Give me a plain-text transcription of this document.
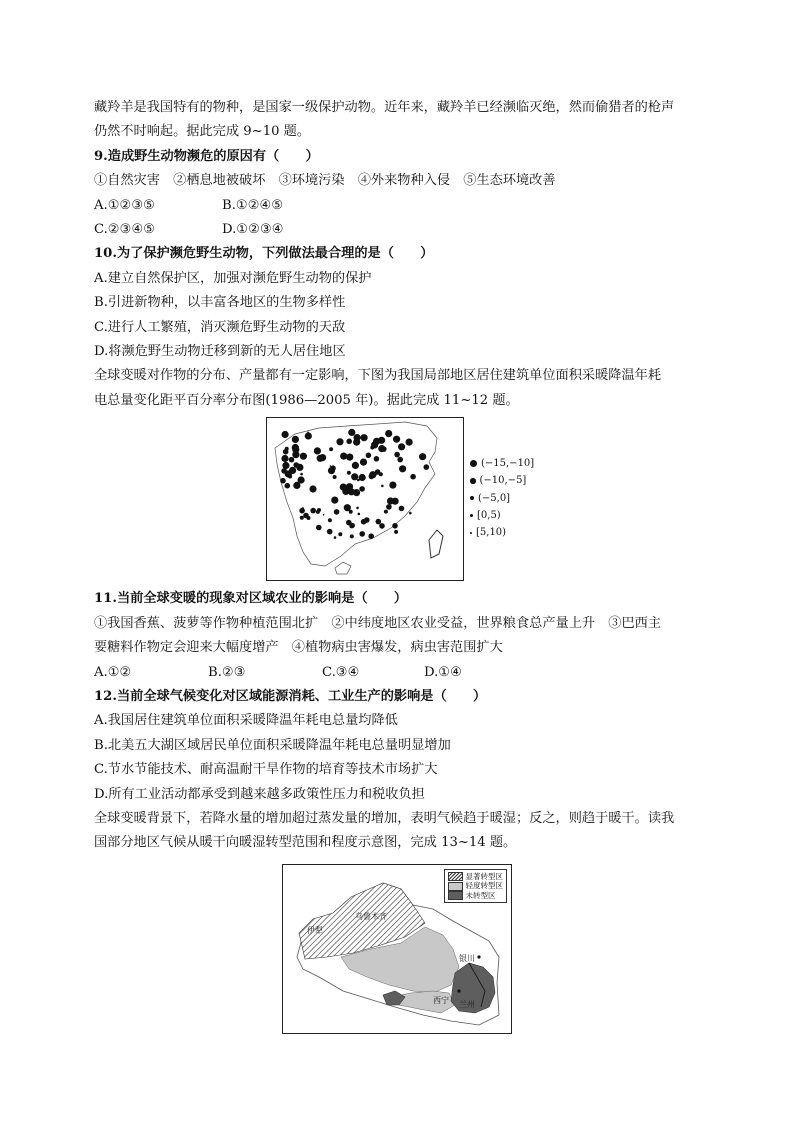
藏羚羊是我国特有的物种，是国家一级保护动物。近年来，藏羚羊已经濒临灭绝，然而偷猎者的枪声
仍然不时响起。据此完成 9~10 题。
9.造成野生动物濒危的原因有（　　）
①自然灾害　②栖息地被破坏　③环境污染　④外来物种入侵　⑤生态环境改善
A.①②③⑤	B.①②④⑤
C.②③④⑤	D.①②③④
10.为了保护濒危野生动物，下列做法最合理的是（　　）
A.建立自然保护区，加强对濒危野生动物的保护
B.引进新物种，以丰富各地区的生物多样性
C.进行人工繁殖，消灭濒危野生动物的天敌
D.将濒危野生动物迁移到新的无人居住地区
全球变暖对作物的分布、产量都有一定影响，下图为我国局部地区居住建筑单位面积采暖降温年耗
电总量变化距平百分率分布图(1986—2005 年)。据此完成 11~12 题。
(−15,−10]
(−10,−5]
(−5,0]
[0,5)
[5,10)
11.当前全球变暖的现象对区域农业的影响是（　　）
①我国香蕉、菠萝等作物种植范围北扩　②中纬度地区农业受益，世界粮食总产量上升　③巴西主
要糖料作物定会迎来大幅度增产　④植物病虫害爆发，病虫害范围扩大
A.①②	B.②③	C.③④	D.①④
12.当前全球气候变化对区域能源消耗、工业生产的影响是（　　）
A.我国居住建筑单位面积采暖降温年耗电总量均降低
B.北美五大湖区域居民单位面积采暖降温年耗电总量明显增加
C.节水节能技术、耐高温耐干旱作物的培育等技术市场扩大
D.所有工业活动都承受到越来越多政策性压力和税收负担
全球变暖背景下，若降水量的增加超过蒸发量的增加，表明气候趋于暖湿；反之，则趋于暖干。读我
国部分地区气候从暖干向暖湿转型范围和程度示意图，完成 13~14 题。
乌鲁木齐
伊犁
银川
西宁 兰州
显著转型区
轻度转型区
未转型区
